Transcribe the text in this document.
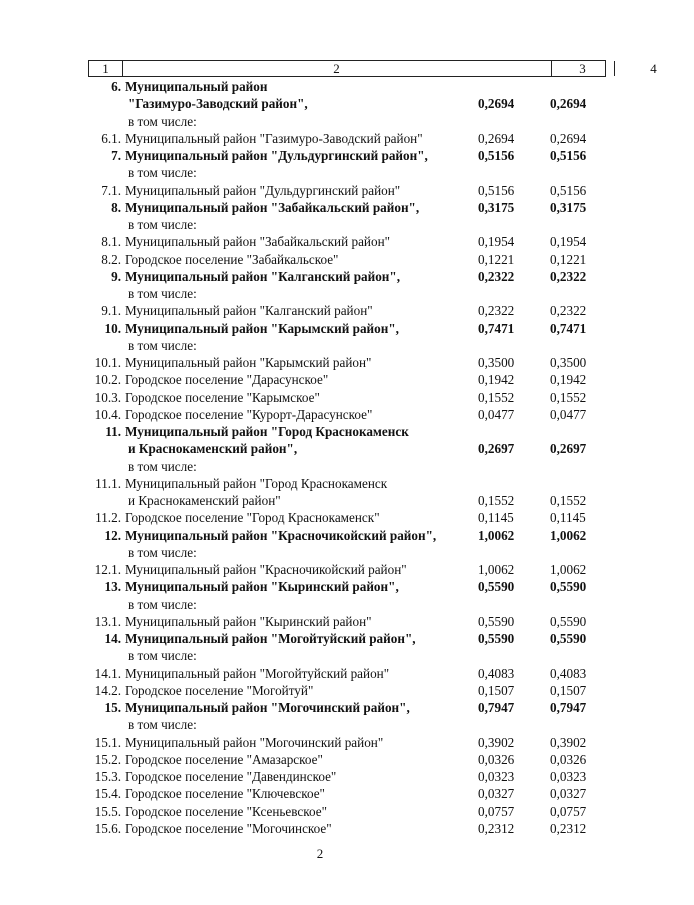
1	2	3	4
6. Муниципальный район
"Газимуро-Заводский район",	0,2694	0,2694
в том числе:
6.1. Муниципальный район "Газимуро-Заводский район"	0,2694	0,2694
7. Муниципальный район "Дульдургинский район",	0,5156	0,5156
в том числе:
7.1. Муниципальный район "Дульдургинский район"	0,5156	0,5156
8. Муниципальный район "Забайкальский район",	0,3175	0,3175
в том числе:
8.1. Муниципальный район "Забайкальский район"	0,1954	0,1954
8.2. Городское поселение "Забайкальское"	0,1221	0,1221
9. Муниципальный район "Калганский район",	0,2322	0,2322
в том числе:
9.1. Муниципальный район "Калганский район"	0,2322	0,2322
10. Муниципальный район "Карымский район",	0,7471	0,7471
в том числе:
10.1. Муниципальный район "Карымский район"	0,3500	0,3500
10.2. Городское поселение "Дарасунское"	0,1942	0,1942
10.3. Городское поселение "Карымское"	0,1552	0,1552
10.4. Городское поселение "Курорт-Дарасунское"	0,0477	0,0477
11. Муниципальный район "Город Краснокаменск
и Краснокаменский район",	0,2697	0,2697
в том числе:
11.1. Муниципальный район "Город Краснокаменск
и Краснокаменский район"	0,1552	0,1552
11.2. Городское поселение "Город Краснокаменск"	0,1145	0,1145
12. Муниципальный район "Красночикойский район",	1,0062	1,0062
в том числе:
12.1. Муниципальный район "Красночикойский район"	1,0062	1,0062
13. Муниципальный район "Кыринский район",	0,5590	0,5590
в том числе:
13.1. Муниципальный район "Кыринский район"	0,5590	0,5590
14. Муниципальный район "Могойтуйский район",	0,5590	0,5590
в том числе:
14.1. Муниципальный район "Могойтуйский район"	0,4083	0,4083
14.2. Городское поселение "Могойтуй"	0,1507	0,1507
15. Муниципальный район "Могочинский район",	0,7947	0,7947
в том числе:
15.1. Муниципальный район "Могочинский район"	0,3902	0,3902
15.2. Городское поселение "Амазарское"	0,0326	0,0326
15.3. Городское поселение "Давендинское"	0,0323	0,0323
15.4. Городское поселение "Ключевское"	0,0327	0,0327
15.5. Городское поселение "Ксеньевское"	0,0757	0,0757
15.6. Городское поселение "Могочинское"	0,2312	0,2312
2
